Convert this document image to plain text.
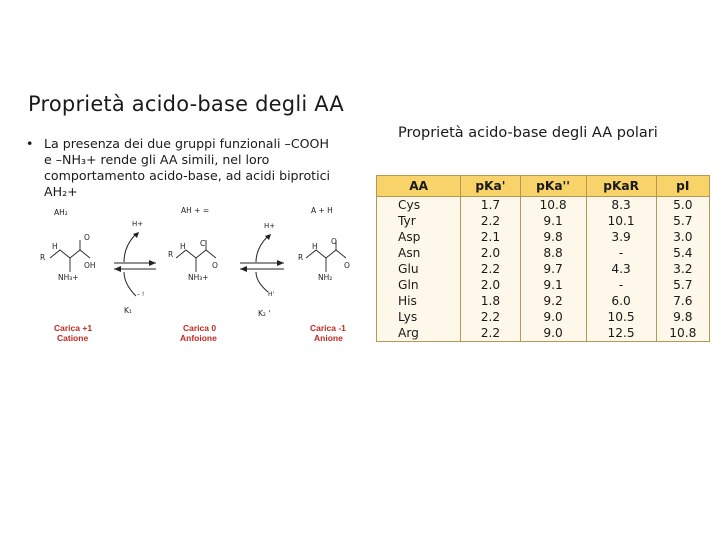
Proprietà acido-base degli AA
• La presenza dei due gruppi funzionali –COOH
e –NH₃+ rende gli AA simili, nel loro
comportamento acido-base, ad acidi biprotici
AH₂+
AH₂	AH + =	A + H
H
R
O
OH
NH₃+
H+
– !
K₁
H
R
C
O
NH₃+
H+
H'
K₂ '
H
R
O
O
NH₂
Carica +1
Catione
Carica 0
Anfoione
Carica -1
Anione
Proprietà acido-base degli AA polari
AA	pKa'	pKa''	pKaR	pI
Cys	1.7	10.8	8.3	5.0
Tyr	2.2	9.1	10.1	5.7
Asp	2.1	9.8	3.9	3.0
Asn	2.0	8.8	-	5.4
Glu	2.2	9.7	4.3	3.2
Gln	2.0	9.1	-	5.7
His	1.8	9.2	6.0	7.6
Lys	2.2	9.0	10.5	9.8
Arg	2.2	9.0	12.5	10.8
